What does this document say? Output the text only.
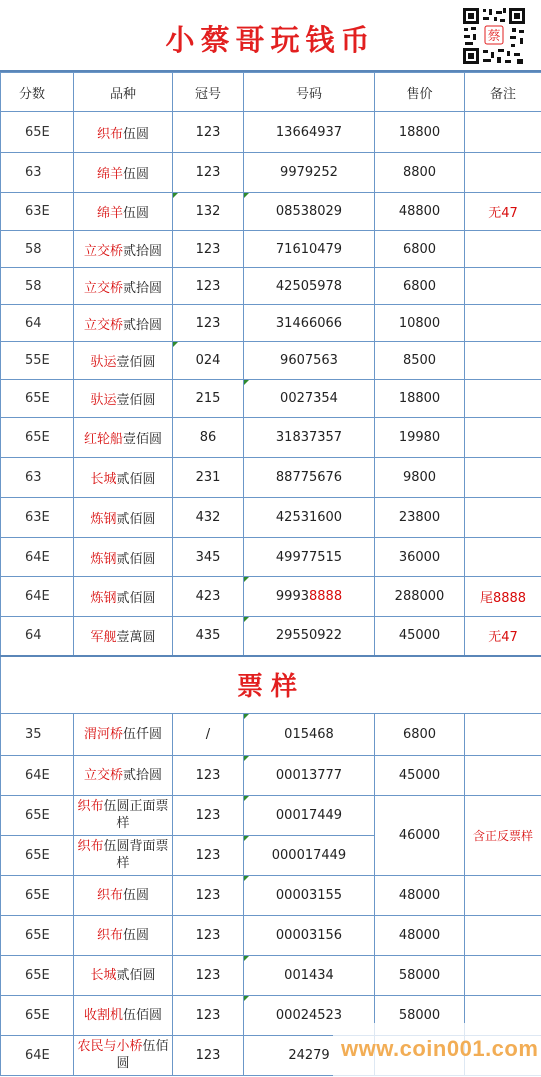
小蔡哥玩钱币	蔡
分数	品种	冠号	号码	售价	备注
65E	织布伍圆	123	13664937	18800	
63	绵羊伍圆	123	9979252	8800	
63E	绵羊伍圆	132	08538029	48800	无47
58	立交桥贰拾圆	123	71610479	6800	
58	立交桥贰拾圆	123	42505978	6800	
64	立交桥贰拾圆	123	31466066	10800	
55E	驮运壹佰圆	024	9607563	8500	
65E	驮运壹佰圆	215	0027354	18800	
65E	红轮船壹佰圆	86	31837357	19980	
63	长城贰佰圆	231	88775676	9800	
63E	炼钢贰佰圆	432	42531600	23800	
64E	炼钢贰佰圆	345	49977515	36000	
64E	炼钢贰佰圆	423	99938888	288000	尾8888
64	军舰壹萬圆	435	29550922	45000	无47
票样					
35	渭河桥伍仟圆	/	015468	6800	
64E	立交桥贰拾圆	123	00013777	45000	
65E	织布伍圆正面票样	123	00017449	46000	含正反票样
65E	织布伍圆背面票样	123	000017449		
65E	织布伍圆	123	00003155	48000	
65E	织布伍圆	123	00003156	48000	
65E	长城贰佰圆	123	001434	58000	
65E	收割机伍佰圆	123	00024523	58000	
64E	农民与小桥伍佰圆	123	24279		www.coin001.com
